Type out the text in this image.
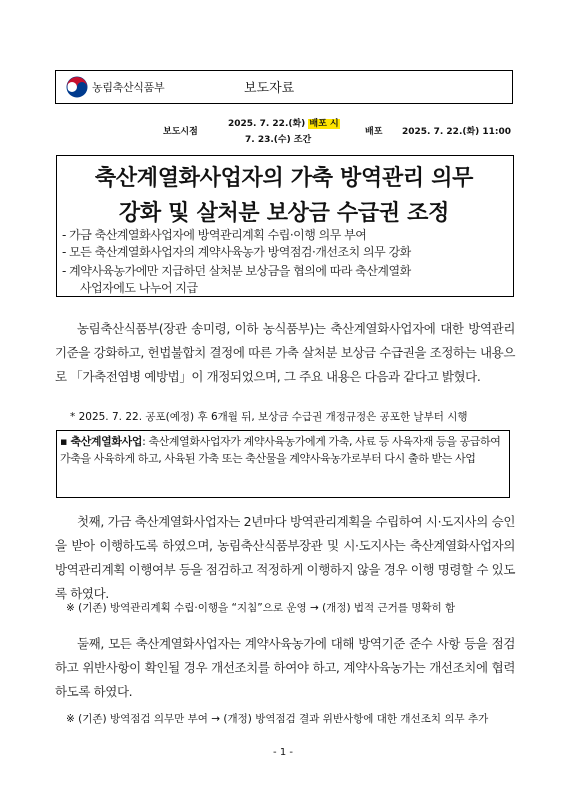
농림축산식품부	보도자료
보도시점
2025. 7. 22.(화) 배포 시
7. 23.(수) 조간
배포 2025. 7. 22.(화) 11:00
축산계열화사업자의 가축 방역관리 의무
강화 및 살처분 보상금 수급권 조정
- 가금 축산계열화사업자에 방역관리계획 수립·이행 의무 부여
- 모든 축산계열화사업자의 계약사육농가 방역점검·개선조치 의무 강화
- 계약사육농가에만 지급하던 살처분 보상금을 협의에 따라 축산계열화
사업자에도 나누어 지급
농림축산식품부(장관 송미령, 이하 농식품부)는 축산계열화사업자에 대한 방역관리 기준을 강화하고, 헌법불합치 결정에 따른 가축 살처분 보상금 수급권을 조정하는 내용으로 「가축전염병 예방법」이 개정되었으며, 그 주요 내용은 다음과 같다고 밝혔다.
* 2025. 7. 22. 공포(예정) 후 6개월 뒤, 보상금 수급권 개정규정은 공포한 날부터 시행
▪ 축산계열화사업: 축산계열화사업자가 계약사육농가에게 가축, 사료 등 사육자재 등을 공급하여 가축을 사육하게 하고, 사육된 가축 또는 축산물을 계약사육농가로부터 다시 출하 받는 사업
첫째, 가금 축산계열화사업자는 2년마다 방역관리계획을 수립하여 시·도지사의 승인을 받아 이행하도록 하였으며, 농림축산식품부장관 및 시·도지사는 축산계열화사업자의 방역관리계획 이행여부 등을 점검하고 적정하게 이행하지 않을 경우 이행 명령할 수 있도록 하였다.
※ (기존) 방역관리계획 수립·이행을 “지침”으로 운영 → (개정) 법적 근거를 명확히 함
둘째, 모든 축산계열화사업자는 계약사육농가에 대해 방역기준 준수 사항 등을 점검하고 위반사항이 확인될 경우 개선조치를 하여야 하고, 계약사육농가는 개선조치에 협력하도록 하였다.
※ (기존) 방역점검 의무만 부여 → (개정) 방역점검 결과 위반사항에 대한 개선조치 의무 추가
- 1 -
